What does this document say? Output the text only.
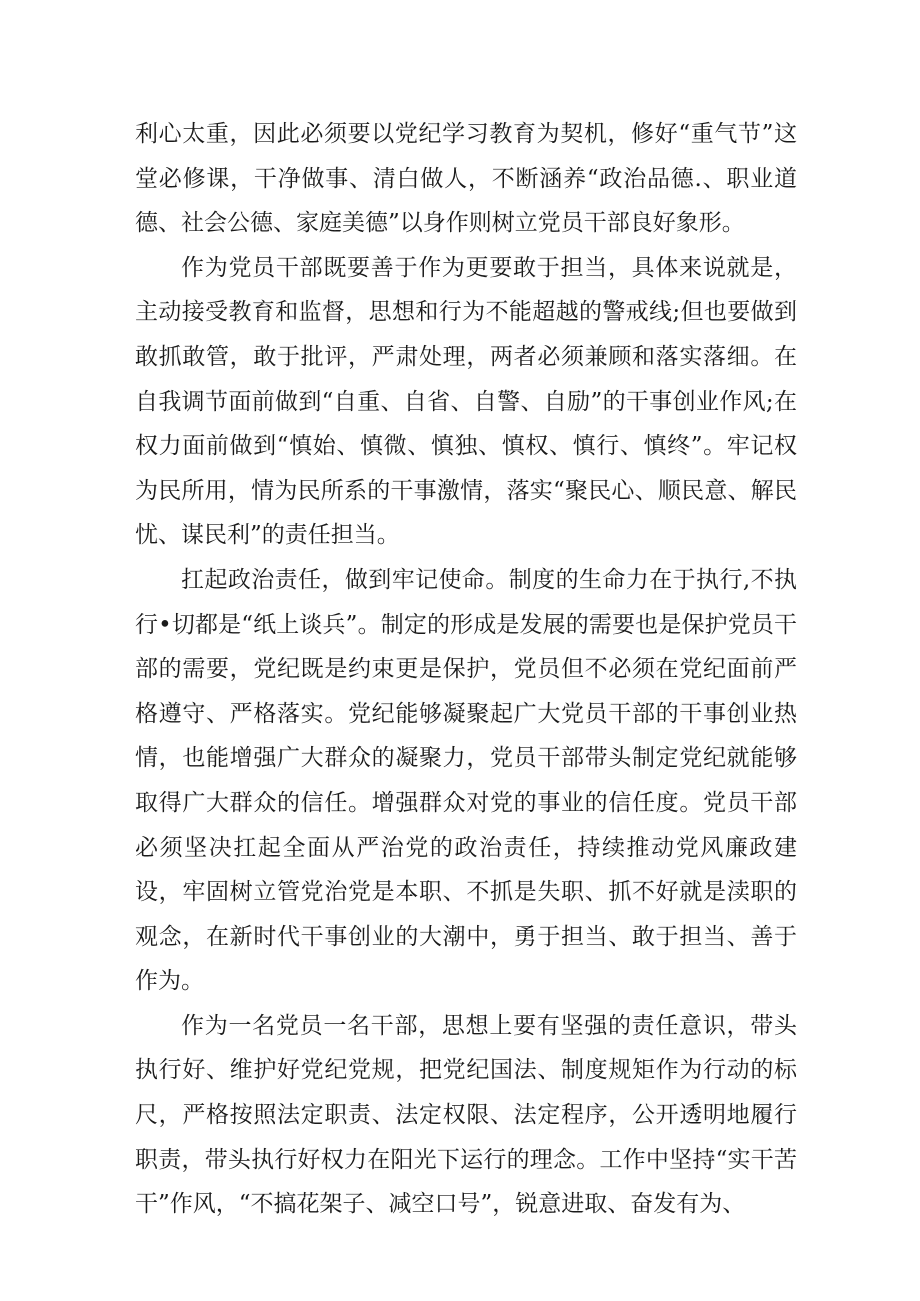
利心太重，因此必须要以党纪学习教育为契机，修好“重气节”这堂必修课，干净做事、清白做人，不断涵养“政治品德.、职业道德、社会公德、家庭美德”以身作则树立党员干部良好象形。

作为党员干部既要善于作为更要敢于担当，具体来说就是，主动接受教育和监督，思想和行为不能超越的警戒线;但也要做到敢抓敢管，敢于批评，严肃处理，两者必须兼顾和落实落细。在自我调节面前做到“自重、自省、自警、自励”的干事创业作风;在权力面前做到“慎始、慎微、慎独、慎权、慎行、慎终”。牢记权为民所用，情为民所系的干事激情，落实“聚民心、顺民意、解民忧、谋民利”的责任担当。

扛起政治责任，做到牢记使命。制度的生命力在于执行,不执行•切都是“纸上谈兵”。制定的形成是发展的需要也是保护党员干部的需要，党纪既是约束更是保护，党员但不必须在党纪面前严格遵守、严格落实。党纪能够凝聚起广大党员干部的干事创业热情，也能增强广大群众的凝聚力，党员干部带头制定党纪就能够取得广大群众的信任。增强群众对党的事业的信任度。党员干部必须坚决扛起全面从严治党的政治责任，持续推动党风廉政建设，牢固树立管党治党是本职、不抓是失职、抓不好就是渎职的观念，在新时代干事创业的大潮中，勇于担当、敢于担当、善于作为。

作为一名党员一名干部，思想上要有坚强的责任意识，带头执行好、维护好党纪党规，把党纪国法、制度规矩作为行动的标尺，严格按照法定职责、法定权限、法定程序，公开透明地履行职责，带头执行好权力在阳光下运行的理念。工作中坚持“实干苦干”作风，“不搞花架子、减空口号”，锐意进取、奋发有为、
